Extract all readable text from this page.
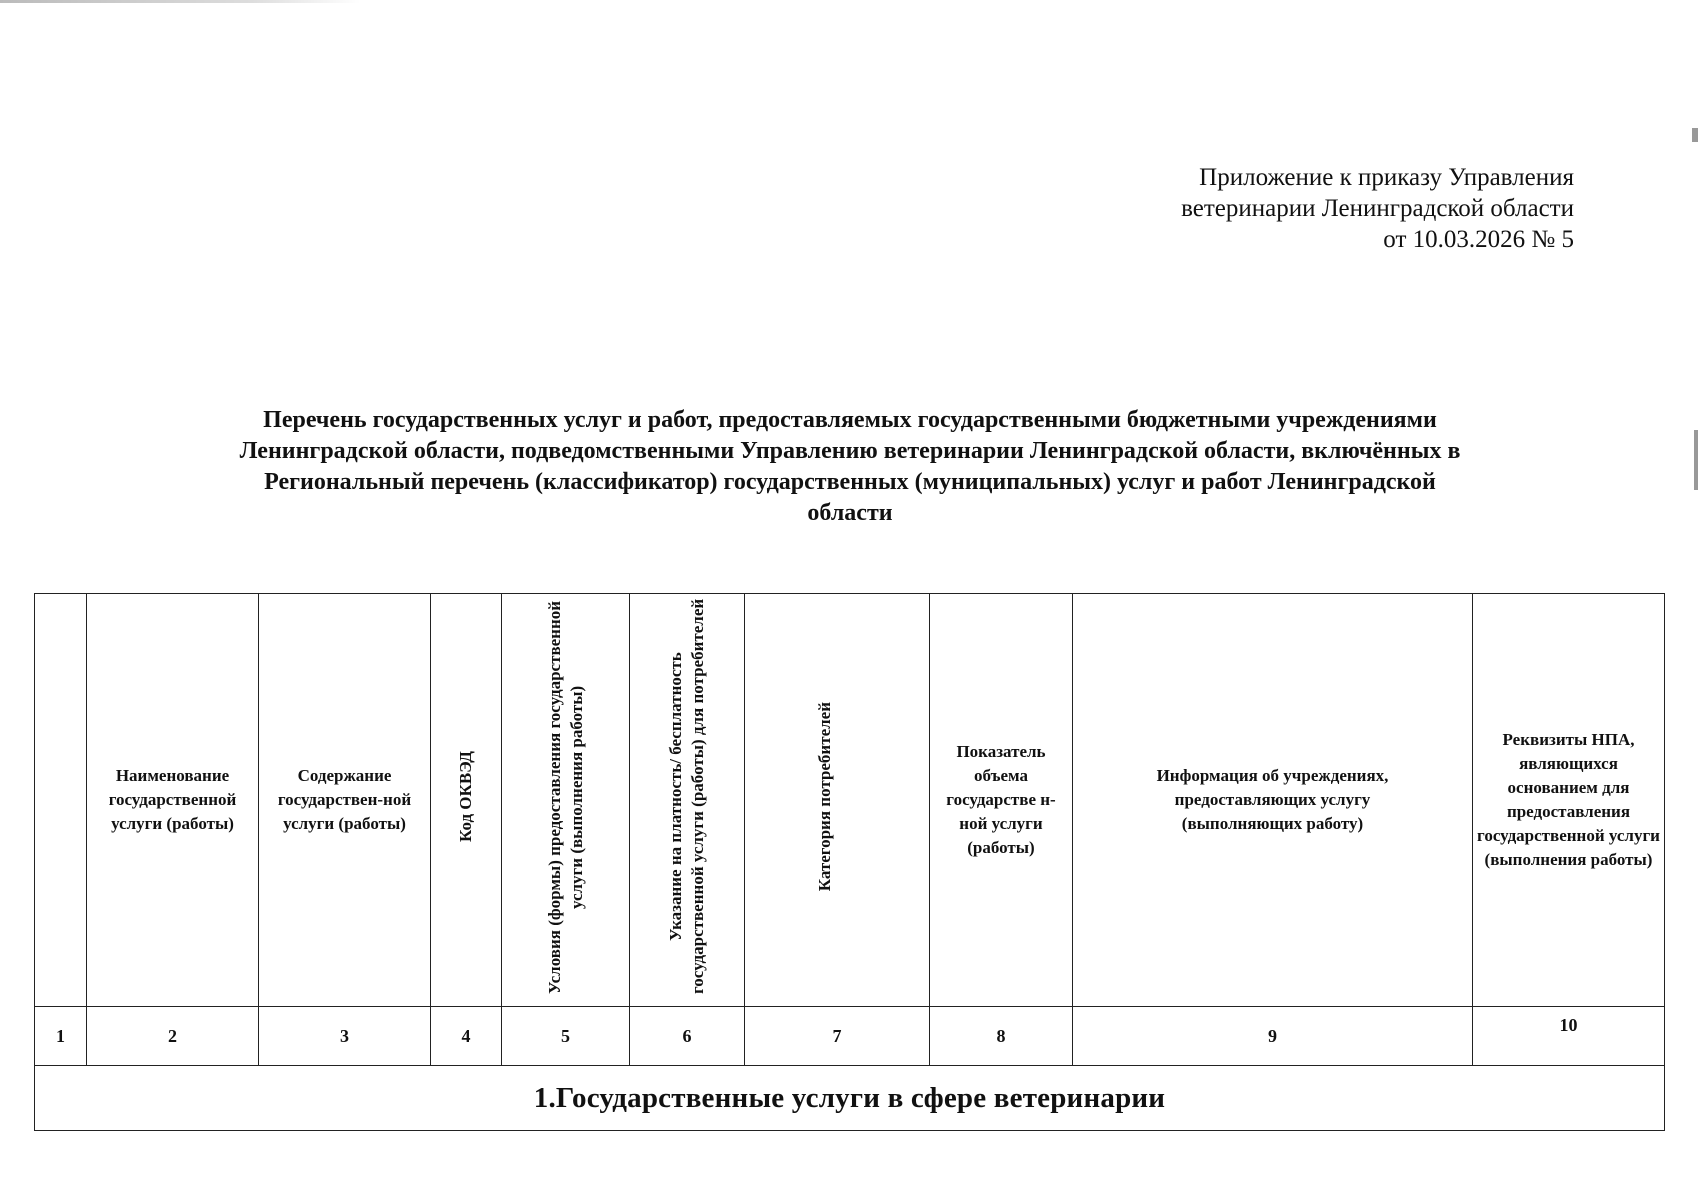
Приложение к приказу Управления
ветеринарии Ленинградской области
от 10.03.2026 № 5
Перечень государственных услуг и работ, предоставляемых государственными бюджетными учреждениями
Ленинградской области, подведомственными Управлению ветеринарии Ленинградской области, включённых в
Региональный перечень (классификатор) государственных (муниципальных) услуг и работ Ленинградской
области
	Наименование государственной услуги (работы)	Содержание государствен-ной услуги (работы)	Код ОКВЭД	Условия (формы) предоставления государственной услуги (выполнения работы)	Указание на платность/ бесплатность государственной услуги (работы) для потребителей	Категория потребителей	Показатель объема государстве н-ной услуги (работы)	Информация об учреждениях, предоставляющих услугу (выполняющих работу)	Реквизиты НПА, являющихся основанием для предоставления государственной услуги (выполнения работы)
1	2	3	4	5	6	7	8	9	10
1.Государственные услуги в сфере ветеринарии									
